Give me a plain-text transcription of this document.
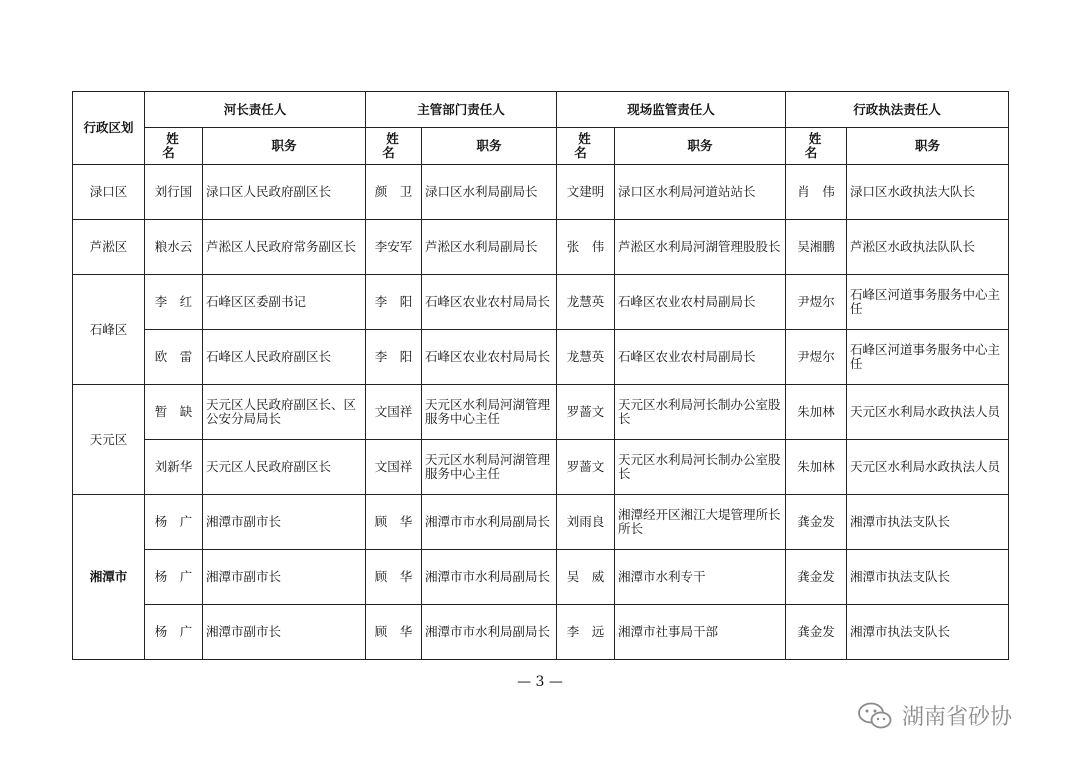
行政区划	河长责任人		主管部门责任人		现场监管责任人		行政执法责任人	
	姓 名	职务	姓 名	职务	姓 名	职务	姓 名	职务
渌口区	刘行国	渌口区人民政府副区长	颜　卫	渌口区水利局副局长	文建明	渌口区水利局河道站站长	肖　伟	渌口区水政执法大队长
芦淞区	粮水云	芦淞区人民政府常务副区长	李安军	芦淞区水利局副局长	张　伟	芦淞区水利局河湖管理股股长	吴湘鹏	芦淞区水政执法队队长
石峰区	李　红	石峰区区委副书记	李　阳	石峰区农业农村局局长	龙慧英	石峰区农业农村局副局长	尹煜尔	石峰区河道事务服务中心主任
	欧　雷	石峰区人民政府副区长	李　阳	石峰区农业农村局局长	龙慧英	石峰区农业农村局副局长	尹煜尔	石峰区河道事务服务中心主任
天元区	暂　缺	天元区人民政府副区长、区公安分局局长	文国祥	天元区水利局河湖管理服务中心主任	罗蔷文	天元区水利局河长制办公室股长	朱加林	天元区水利局水政执法人员
	刘新华	天元区人民政府副区长	文国祥	天元区水利局河湖管理服务中心主任	罗蔷文	天元区水利局河长制办公室股长	朱加林	天元区水利局水政执法人员
湘潭市	杨　广	湘潭市副市长	顾　华	湘潭市市水利局副局长	刘雨良	湘潭经开区湘江大堤管理所长所长	龚金发	湘潭市执法支队长
	杨　广	湘潭市副市长	顾　华	湘潭市市水利局副局长	吴　威	湘潭市水利专干	龚金发	湘潭市执法支队长
	杨　广	湘潭市副市长	顾　华	湘潭市市水利局副局长	李　远	湘潭市社事局干部	龚金发	湘潭市执法支队长
— 3 —
湖南省砂协
